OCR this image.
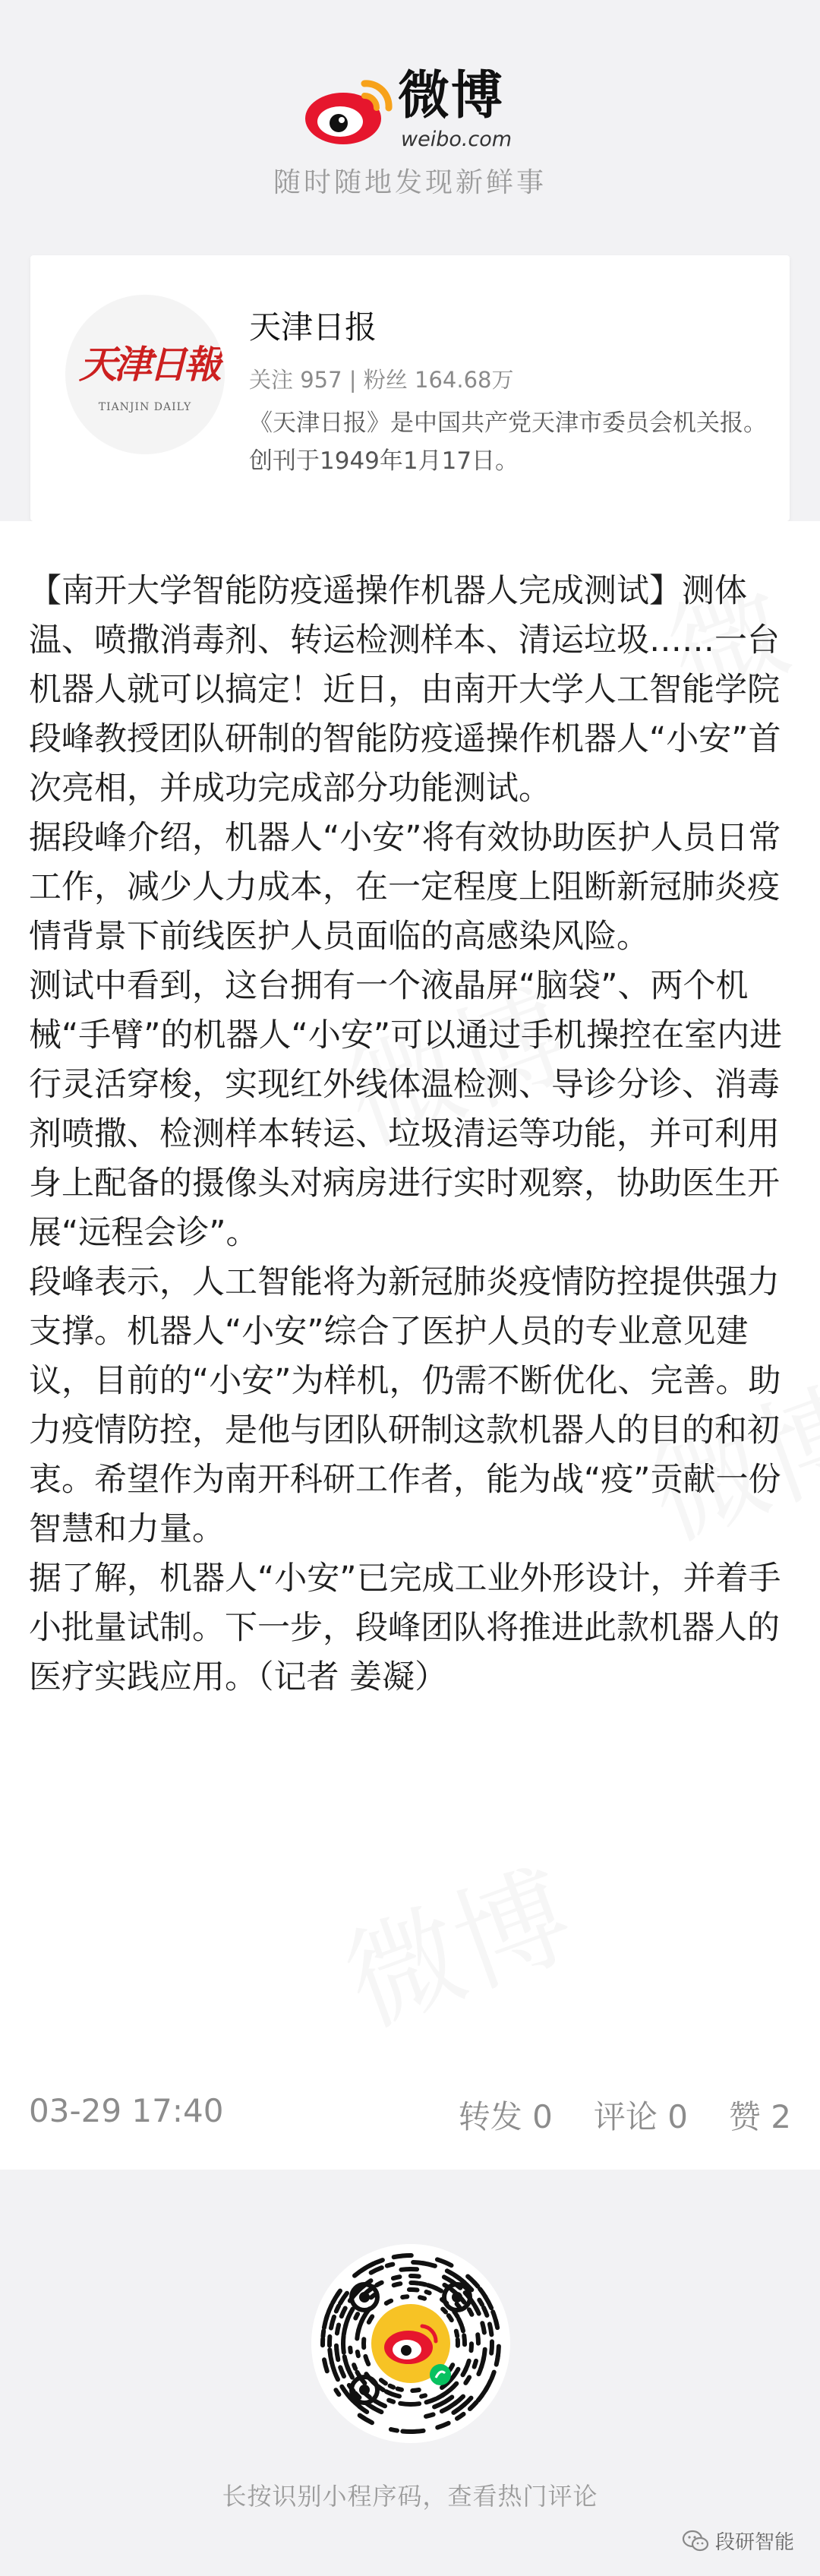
微博
weibo.com
随时随地发现新鲜事
天津日報
TIANJIN DAILY
天津日报
关注 957 | 粉丝 164.68万
《天津日报》是中国共产党天津市委员会机关报。创刊于1949年1月17日。
【南开大学智能防疫遥操作机器人完成测试】测体温、喷撒消毒剂、转运检测样本、清运垃圾……一台机器人就可以搞定！近日，由南开大学人工智能学院段峰教授团队研制的智能防疫遥操作机器人“小安”首次亮相，并成功完成部分功能测试。
据段峰介绍，机器人“小安”将有效协助医护人员日常工作，减少人力成本，在一定程度上阻断新冠肺炎疫情背景下前线医护人员面临的高感染风险。
测试中看到，这台拥有一个液晶屏“脑袋”、两个机械“手臂”的机器人“小安”可以通过手机操控在室内进行灵活穿梭，实现红外线体温检测、导诊分诊、消毒剂喷撒、检测样本转运、垃圾清运等功能，并可利用身上配备的摄像头对病房进行实时观察，协助医生开展“远程会诊”。
段峰表示，人工智能将为新冠肺炎疫情防控提供强力支撑。机器人“小安”综合了医护人员的专业意见建议，目前的“小安”为样机，仍需不断优化、完善。助力疫情防控，是他与团队研制这款机器人的目的和初衷。希望作为南开科研工作者，能为战“疫”贡献一份智慧和力量。
据了解，机器人“小安”已完成工业外形设计，并着手小批量试制。下一步，段峰团队将推进此款机器人的医疗实践应用。（记者 姜凝）
03-29 17:40	转发 0 评论 0 赞 2
长按识别小程序码，查看热门评论
段研智能
